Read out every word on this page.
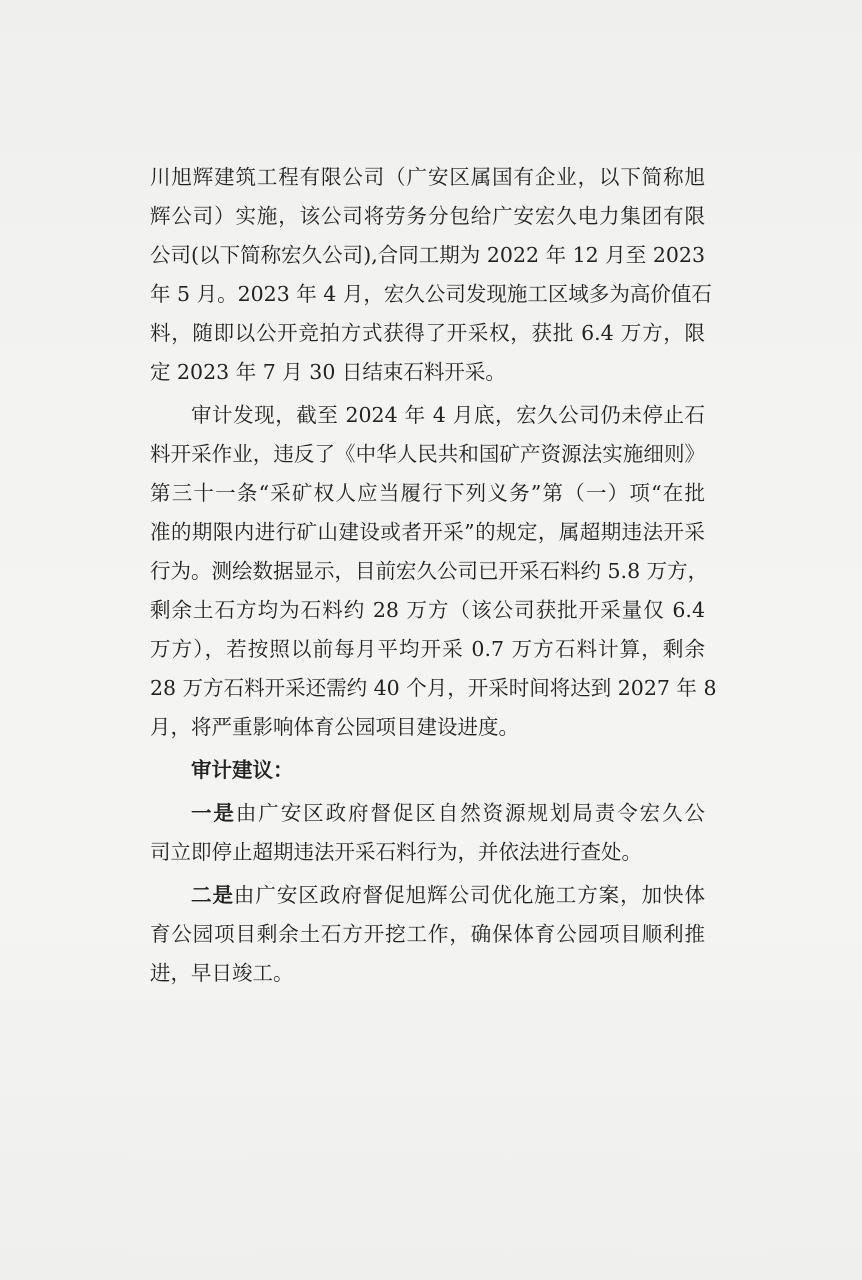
川旭辉建筑工程有限公司（广安区属国有企业，以下简称旭
辉公司）实施，该公司将劳务分包给广安宏久电力集团有限
公司(以下简称宏久公司),合同工期为 2022 年 12 月至 2023
年 5 月。2023 年 4 月，宏久公司发现施工区域多为高价值石
料，随即以公开竞拍方式获得了开采权，获批 6.4 万方，限
定 2023 年 7 月 30 日结束石料开采。
审计发现，截至 2024 年 4 月底，宏久公司仍未停止石
料开采作业，违反了《中华人民共和国矿产资源法实施细则》
第三十一条“采矿权人应当履行下列义务”第（一）项“在批
准的期限内进行矿山建设或者开采”的规定，属超期违法开采
行为。测绘数据显示，目前宏久公司已开采石料约 5.8 万方，
剩余土石方均为石料约 28 万方（该公司获批开采量仅 6.4
万方），若按照以前每月平均开采 0.7 万方石料计算，剩余
28 万方石料开采还需约 40 个月，开采时间将达到 2027 年 8
月，将严重影响体育公园项目建设进度。
审计建议：
一是由广安区政府督促区自然资源规划局责令宏久公
司立即停止超期违法开采石料行为，并依法进行查处。
二是由广安区政府督促旭辉公司优化施工方案，加快体
育公园项目剩余土石方开挖工作，确保体育公园项目顺利推
进，早日竣工。
